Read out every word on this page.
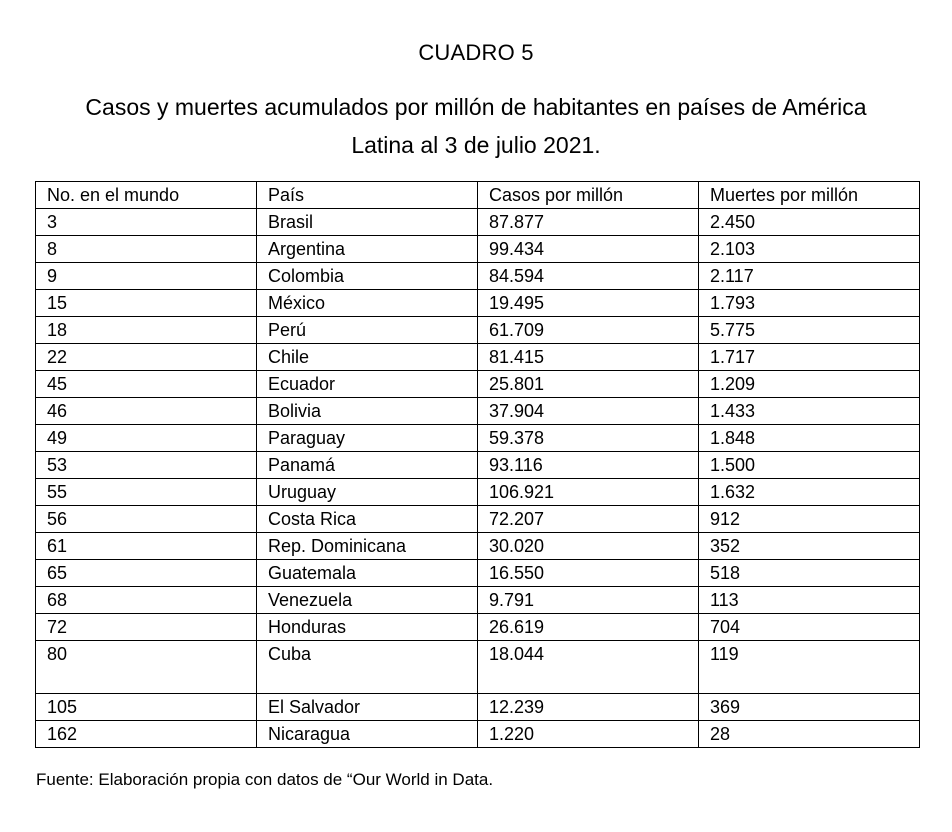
CUADRO 5

Casos y muertes acumulados por millón de habitantes en países de América

Latina al 3 de julio 2021.

No. en el mundo	País	Casos por millón	Muertes por millón
3	Brasil	87.877	2.450
8	Argentina	99.434	2.103
9	Colombia	84.594	2.117
15	México	19.495	1.793
18	Perú	61.709	5.775
22	Chile	81.415	1.717
45	Ecuador	25.801	1.209
46	Bolivia	37.904	1.433
49	Paraguay	59.378	1.848
53	Panamá	93.116	1.500
55	Uruguay	106.921	1.632
56	Costa Rica	72.207	912
61	Rep. Dominicana	30.020	352
65	Guatemala	16.550	518
68	Venezuela	9.791	113
72	Honduras	26.619	704
80	Cuba	18.044	119
105	El Salvador	12.239	369
162	Nicaragua	1.220	28

Fuente: Elaboración propia con datos de “Our World in Data.
